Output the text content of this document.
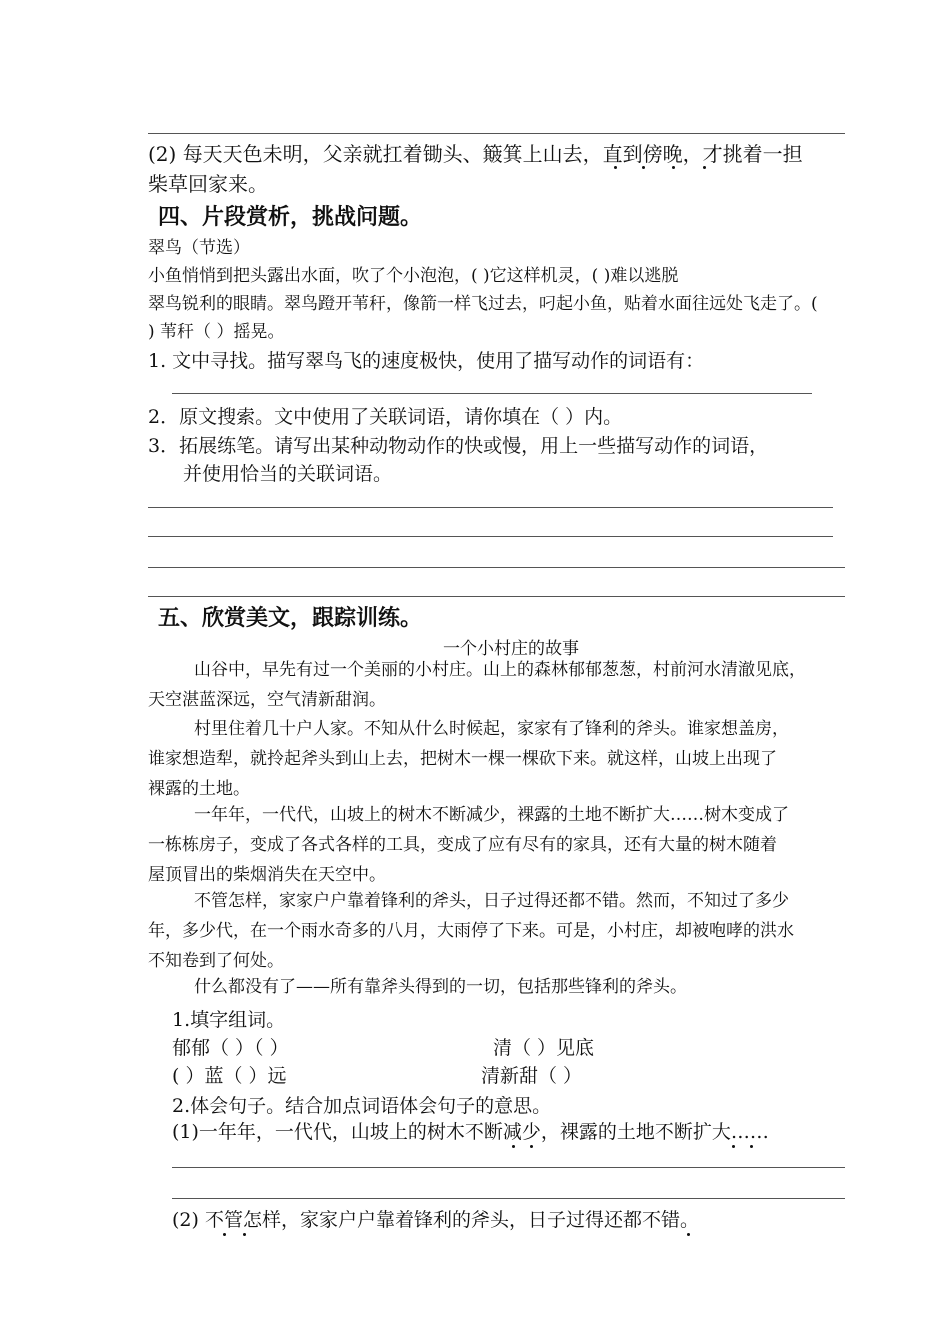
(2) 每天天色未明，父亲就扛着锄头、簸箕上山去，直到傍晚，才挑着一担
柴草回家来。
四、片段赏析，挑战问题。
翠鸟（节选）
小鱼悄悄到把头露出水面，吹了个小泡泡，( )它这样机灵，( )难以逃脱
翠鸟锐利的眼睛。翠鸟蹬开苇秆，像箭一样飞过去，叼起小鱼，贴着水面往远处飞走了。(
) 苇秆（ ）摇晃。
1. 文中寻找。描写翠鸟飞的速度极快，使用了描写动作的词语有：
2．原文搜索。文中使用了关联词语，请你填在（ ）内。
3．拓展练笔。请写出某种动物动作的快或慢，用上一些描写动作的词语，
并使用恰当的关联词语。
五、欣赏美文，跟踪训练。
一个小村庄的故事
山谷中，早先有过一个美丽的小村庄。山上的森林郁郁葱葱，村前河水清澈见底，
天空湛蓝深远，空气清新甜润。
村里住着几十户人家。不知从什么时候起，家家有了锋利的斧头。谁家想盖房，
谁家想造犁，就拎起斧头到山上去，把树木一棵一棵砍下来。就这样，山坡上出现了
裸露的土地。
一年年，一代代，山坡上的树木不断减少，裸露的土地不断扩大……树木变成了
一栋栋房子，变成了各式各样的工具，变成了应有尽有的家具，还有大量的树木随着
屋顶冒出的柴烟消失在天空中。
不管怎样，家家户户靠着锋利的斧头，日子过得还都不错。然而，不知过了多少
年，多少代，在一个雨水奇多的八月，大雨停了下来。可是，小村庄，却被咆哮的洪水
不知卷到了何处。
什么都没有了——所有靠斧头得到的一切，包括那些锋利的斧头。
1.填字组词。
郁郁（ ）（ ）	清（ ）见底
( ）蓝（ ）远	清新甜（ ）
2.体会句子。结合加点词语体会句子的意思。
(1)一年年，一代代，山坡上的树木不断减少，裸露的土地不断扩大……
(2) 不管怎样，家家户户靠着锋利的斧头，日子过得还都不错。
